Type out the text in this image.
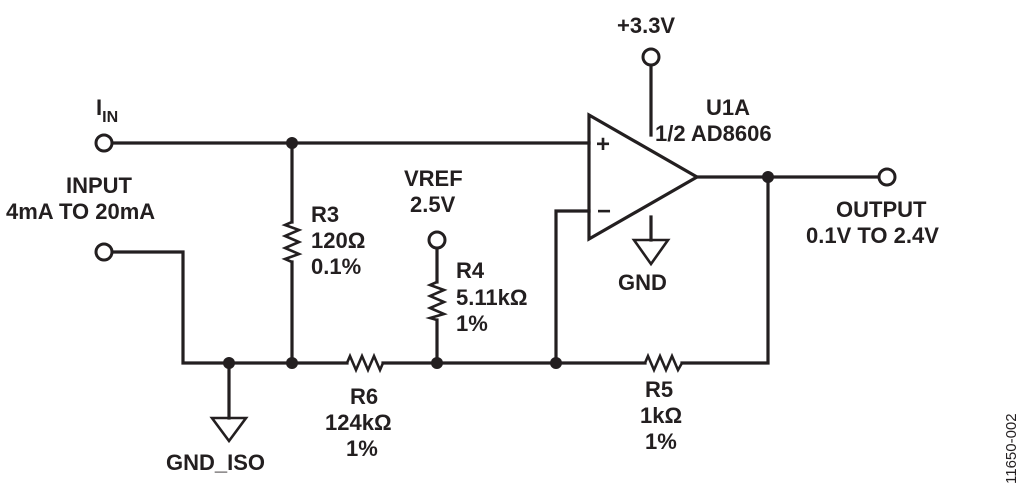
+
−
+3.3V
U1A
1/2 AD8606
$I_{IN}$
INPUT
4mA TO 20mA
VREF
2.5V	OUTPUT
0.1V TO 2.4V
R3
120Ω
0.1%	R4
5.11kΩ
1%
R6
124kΩ
1%
R5
1kΩ
1%
GND
GND_ISO	11650-002
